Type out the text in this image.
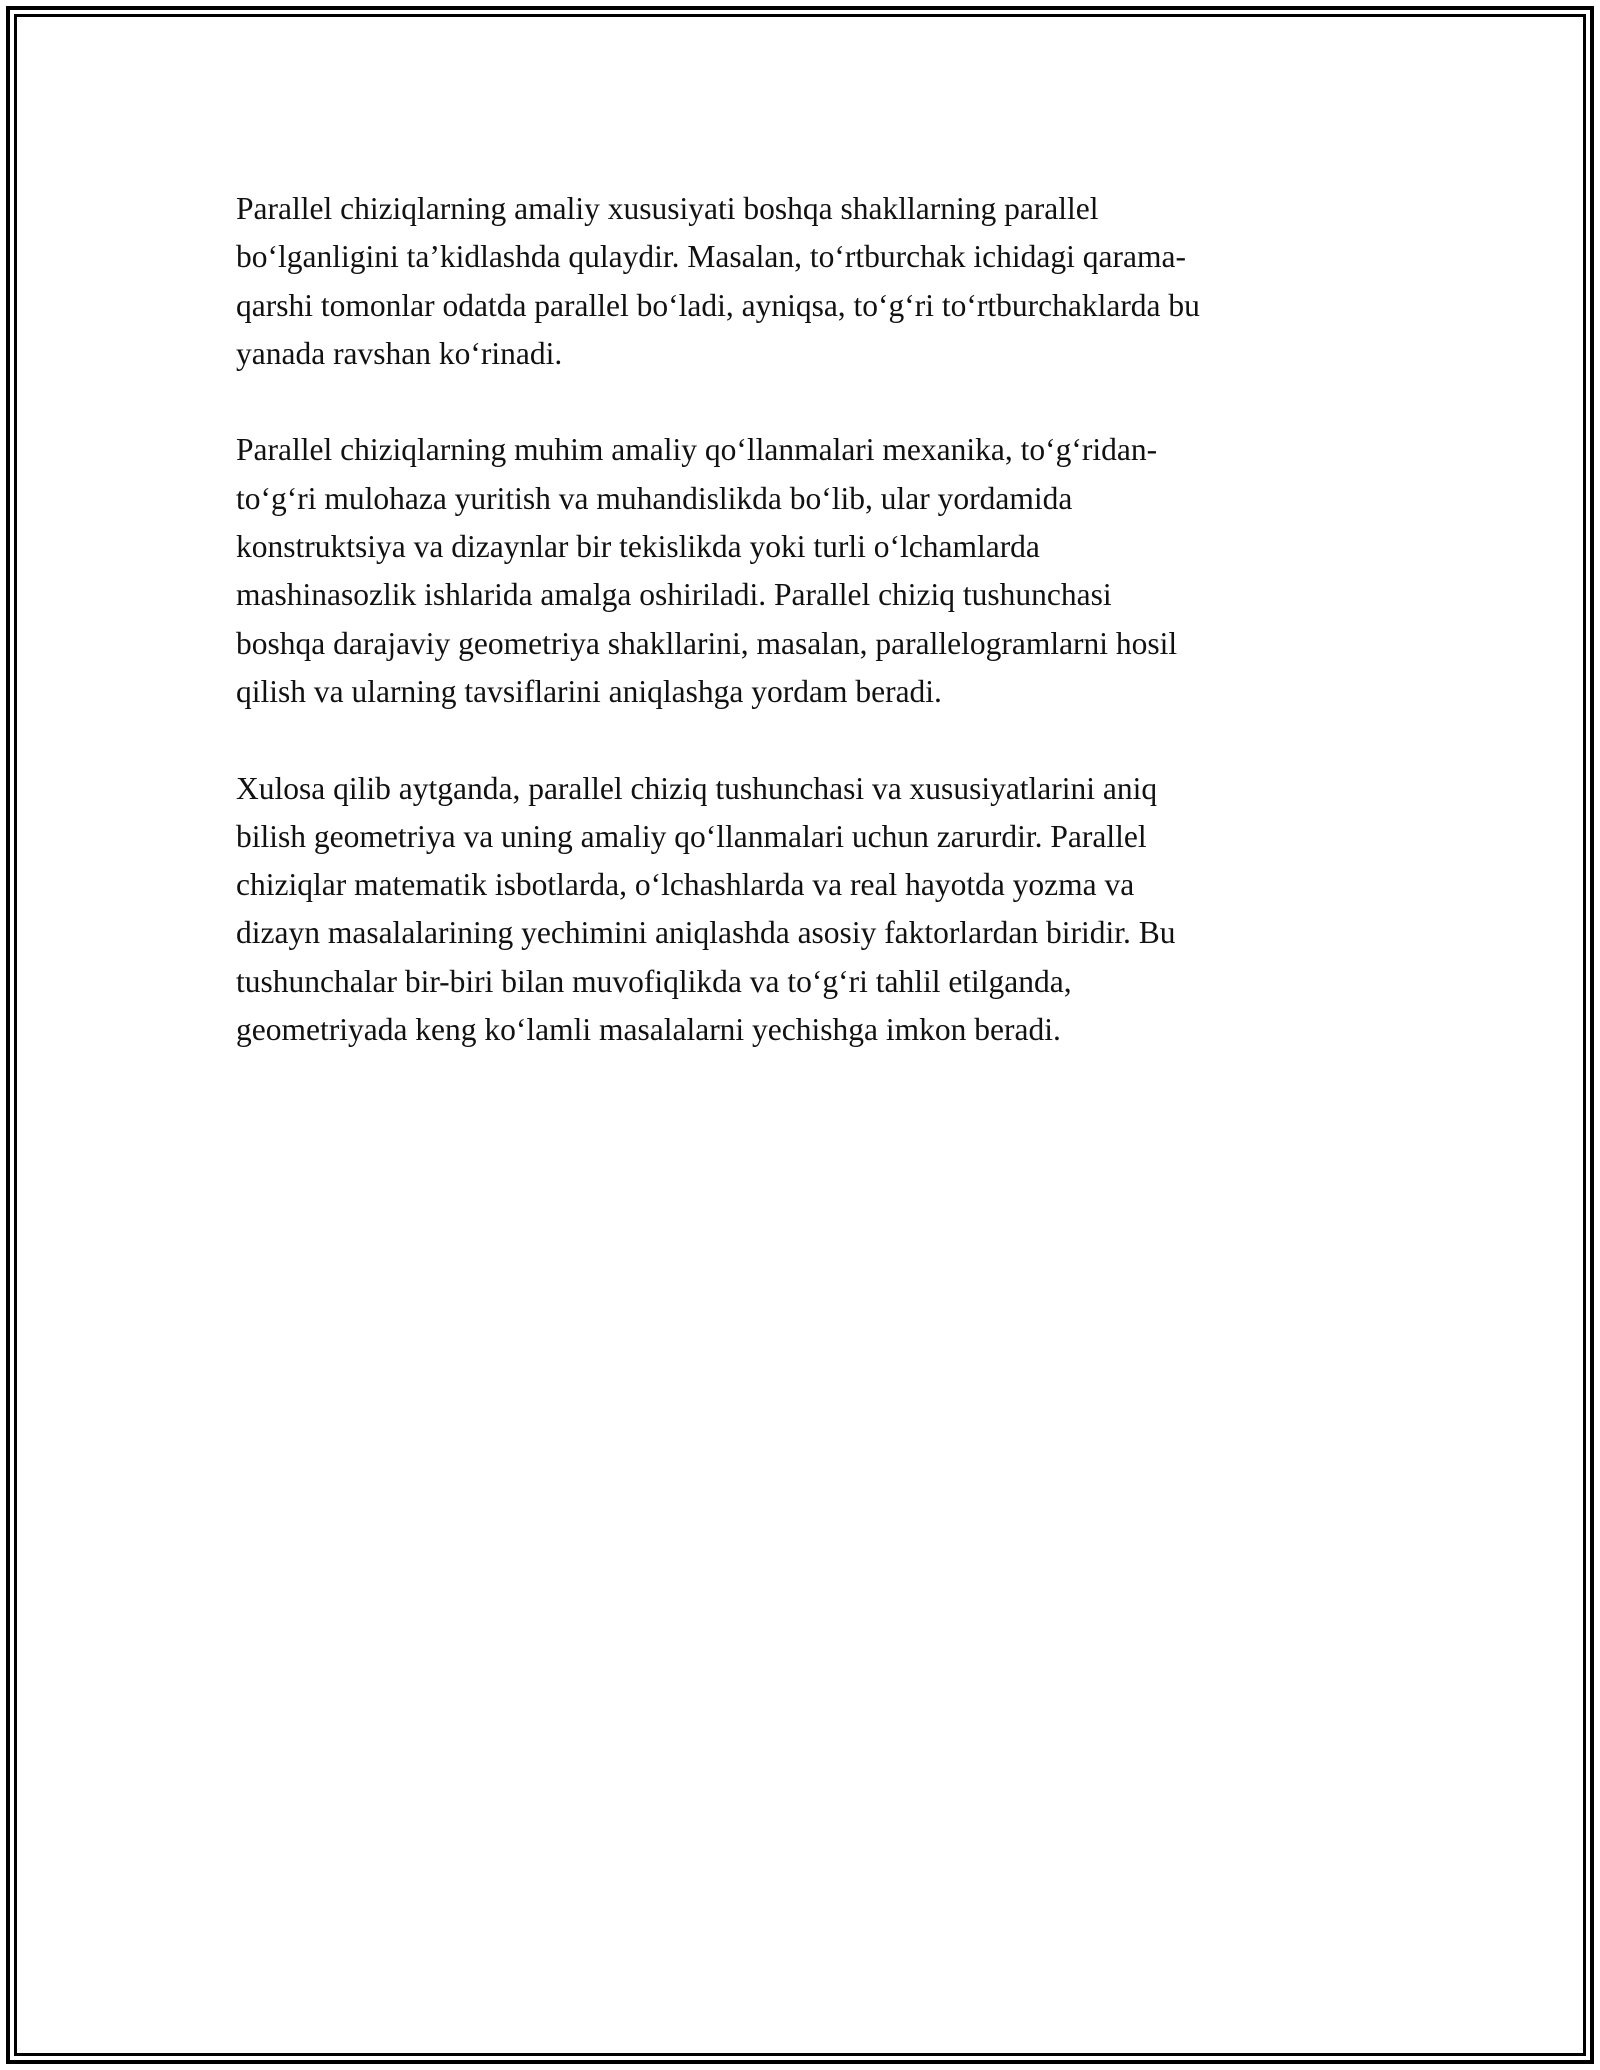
Parallel chiziqlarning amaliy xususiyati boshqa shakllarning parallel
bo‘lganligini ta’kidlashda qulaydir. Masalan, to‘rtburchak ichidagi qarama-
qarshi tomonlar odatda parallel bo‘ladi, ayniqsa, to‘g‘ri to‘rtburchaklarda bu
yanada ravshan ko‘rinadi.

Parallel chiziqlarning muhim amaliy qo‘llanmalari mexanika, to‘g‘ridan-
to‘g‘ri mulohaza yuritish va muhandislikda bo‘lib, ular yordamida
konstruktsiya va dizaynlar bir tekislikda yoki turli o‘lchamlarda
mashinasozlik ishlarida amalga oshiriladi. Parallel chiziq tushunchasi
boshqa darajaviy geometriya shakllarini, masalan, parallelogramlarni hosil
qilish va ularning tavsiflarini aniqlashga yordam beradi.

Xulosa qilib aytganda, parallel chiziq tushunchasi va xususiyatlarini aniq
bilish geometriya va uning amaliy qo‘llanmalari uchun zarurdir. Parallel
chiziqlar matematik isbotlarda, o‘lchashlarda va real hayotda yozma va
dizayn masalalarining yechimini aniqlashda asosiy faktorlardan biridir. Bu
tushunchalar bir-biri bilan muvofiqlikda va to‘g‘ri tahlil etilganda,
geometriyada keng ko‘lamli masalalarni yechishga imkon beradi.
